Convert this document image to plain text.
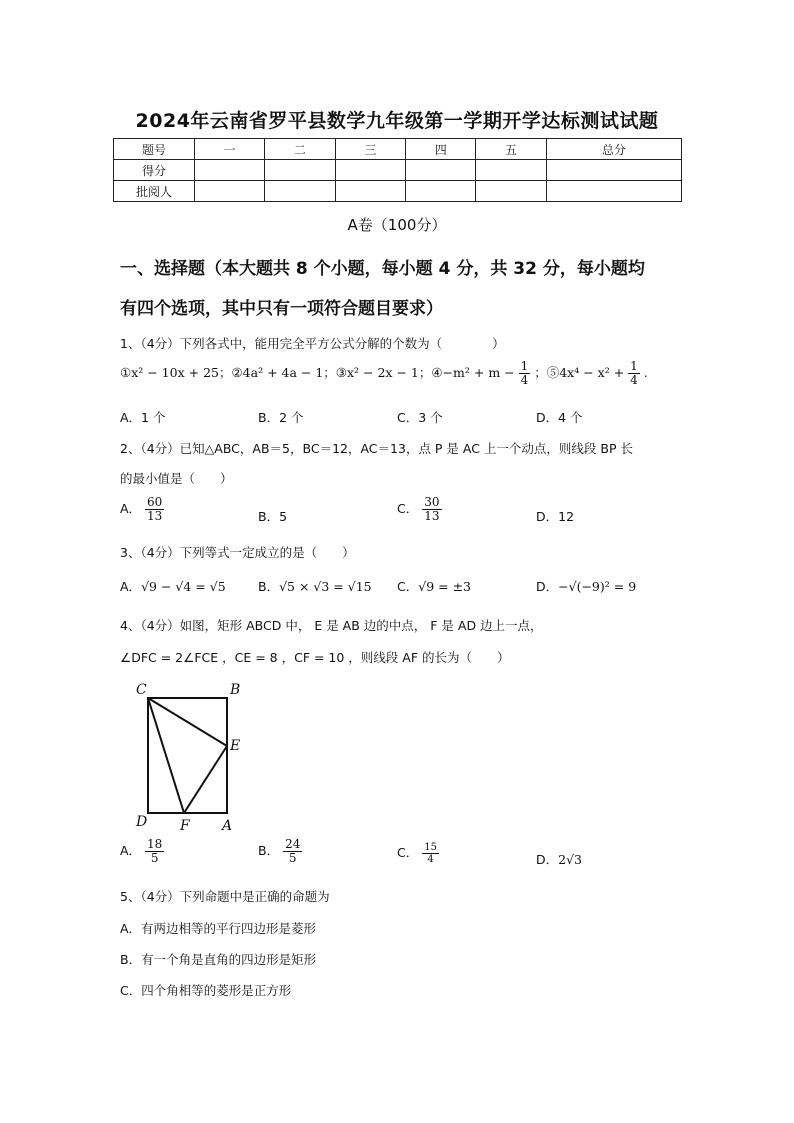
2024年云南省罗平县数学九年级第一学期开学达标测试试题
题号	一	二	三	四	五	总分
得分						
批阅人						
A卷（100分）
一、选择题（本大题共 8 个小题，每小题 4 分，共 32 分，每小题均
有四个选项，其中只有一项符合题目要求）
1、（4分）下列各式中，能用完全平方公式分解的个数为（　　　　）
①x² − 10x + 25；②4a² + 4a − 1；③x² − 2x − 1；④−m² + $m - \frac{1}{4}$ ；⑤4x⁴ − $x^2 + \frac{1}{4}$ .
A．1 个	B．2 个	C．3 个	D．4 个
2、（4分）已知△ABC，AB＝5，BC＝12，AC＝13，点 P 是 AC 上一个动点，则线段 BP 长
的最小值是（　　）
A． $\frac{60}{13}$	B．5
C． $\frac{30}{13}$	D．12
3、（4分）下列等式一定成立的是（　　）
A．√9 − √4 = √5	B．√5 × √3 = √15 C．√9 = ±3	D．−√(−9)² = 9
4、（4分）如图，矩形 ABCD 中， E 是 AB 边的中点， F 是 AD 边上一点，
∠DFC = 2∠FCE ，CE = 8 ，CF = 10 ，则线段 AF 的长为（　　）
C	B
E
D F A
A． $\frac{18}{5}$	B． $\frac{24}{5}$	C． $\frac{15}{4}$	D．2√3
5、（4分）下列命题中是正确的命题为
A．有两边相等的平行四边形是菱形
B．有一个角是直角的四边形是矩形
C．四个角相等的菱形是正方形
